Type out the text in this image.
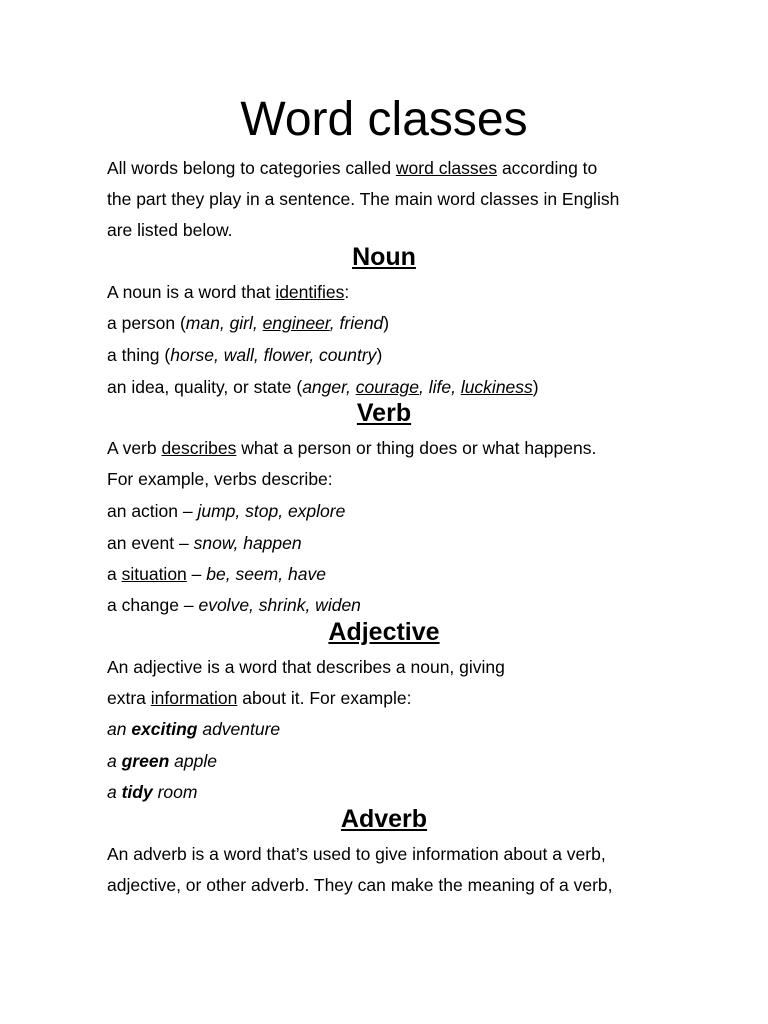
Word classes
All words belong to categories called word classes according to
the part they play in a sentence. The main word classes in English
are listed below.
Noun
A noun is a word that identifies:
a person (man, girl, engineer, friend)
a thing (horse, wall, flower, country)
an idea, quality, or state (anger, courage, life, luckiness)
Verb
A verb describes what a person or thing does or what happens.
For example, verbs describe:
an action – jump, stop, explore
an event – snow, happen
a situation – be, seem, have
a change – evolve, shrink, widen
Adjective
An adjective is a word that describes a noun, giving
extra information about it. For example:
an exciting adventure
a green apple
a tidy room
Adverb
An adverb is a word that’s used to give information about a verb,
adjective, or other adverb. They can make the meaning of a verb,
